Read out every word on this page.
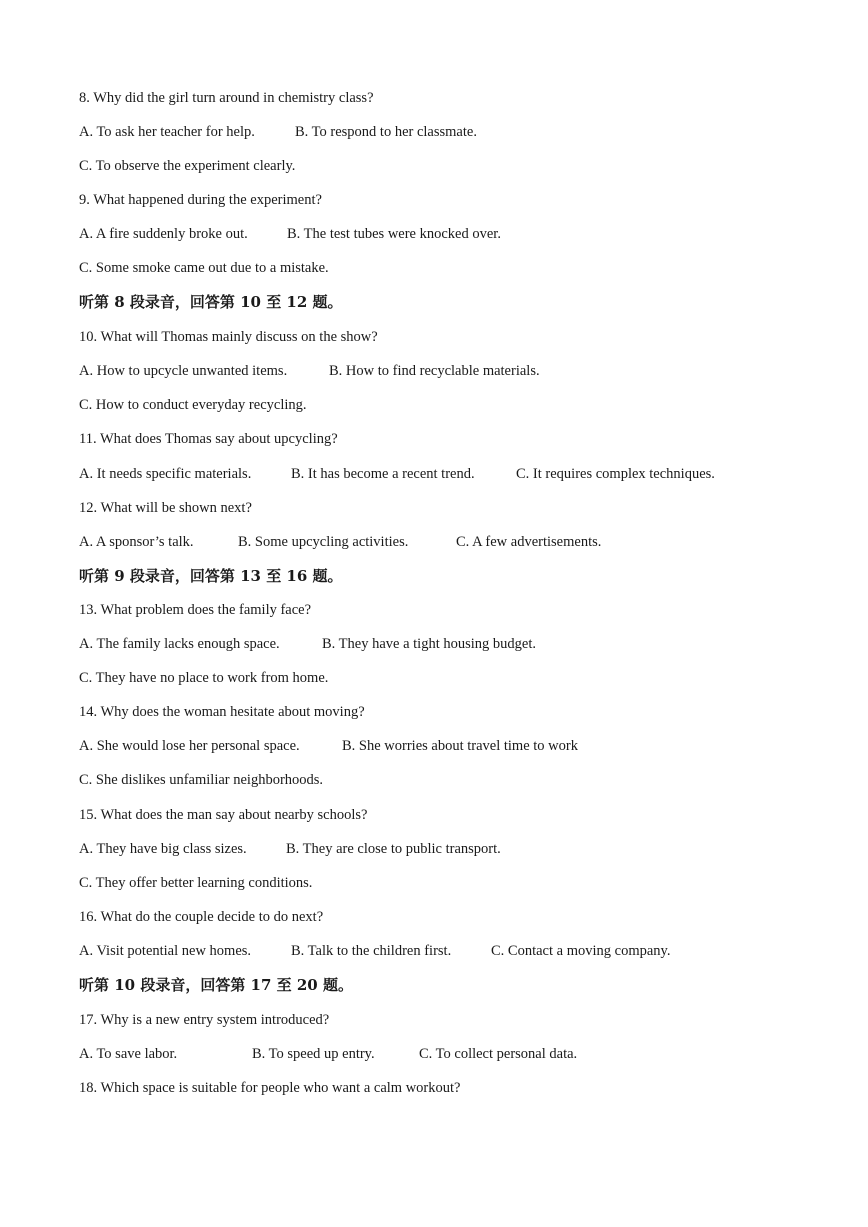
8. Why did the girl turn around in chemistry class?
A. To ask her teacher for help.	B. To respond to her classmate.
C. To observe the experiment clearly.
9. What happened during the experiment?
A. A fire suddenly broke out.	B. The test tubes were knocked over.
C. Some smoke came out due to a mistake.
听第 8 段录音，回答第 10 至 12 题。
10. What will Thomas mainly discuss on the show?
A. How to upcycle unwanted items.	B. How to find recyclable materials.
C. How to conduct everyday recycling.
11. What does Thomas say about upcycling?
A. It needs specific materials.	B. It has become a recent trend.	C. It requires complex techniques.
12. What will be shown next?
A. A sponsor’s talk.	B. Some upcycling activities.	C. A few advertisements.
听第 9 段录音，回答第 13 至 16 题。
13. What problem does the family face?
A. The family lacks enough space.	B. They have a tight housing budget.
C. They have no place to work from home.
14. Why does the woman hesitate about moving?
A. She would lose her personal space.	B. She worries about travel time to work
C. She dislikes unfamiliar neighborhoods.
15. What does the man say about nearby schools?
A. They have big class sizes.	B. They are close to public transport.
C. They offer better learning conditions.
16. What do the couple decide to do next?
A. Visit potential new homes.	B. Talk to the children first.	C. Contact a moving company.
听第 10 段录音，回答第 17 至 20 题。
17. Why is a new entry system introduced?
A. To save labor.	B. To speed up entry.	C. To collect personal data.
18. Which space is suitable for people who want a calm workout?
